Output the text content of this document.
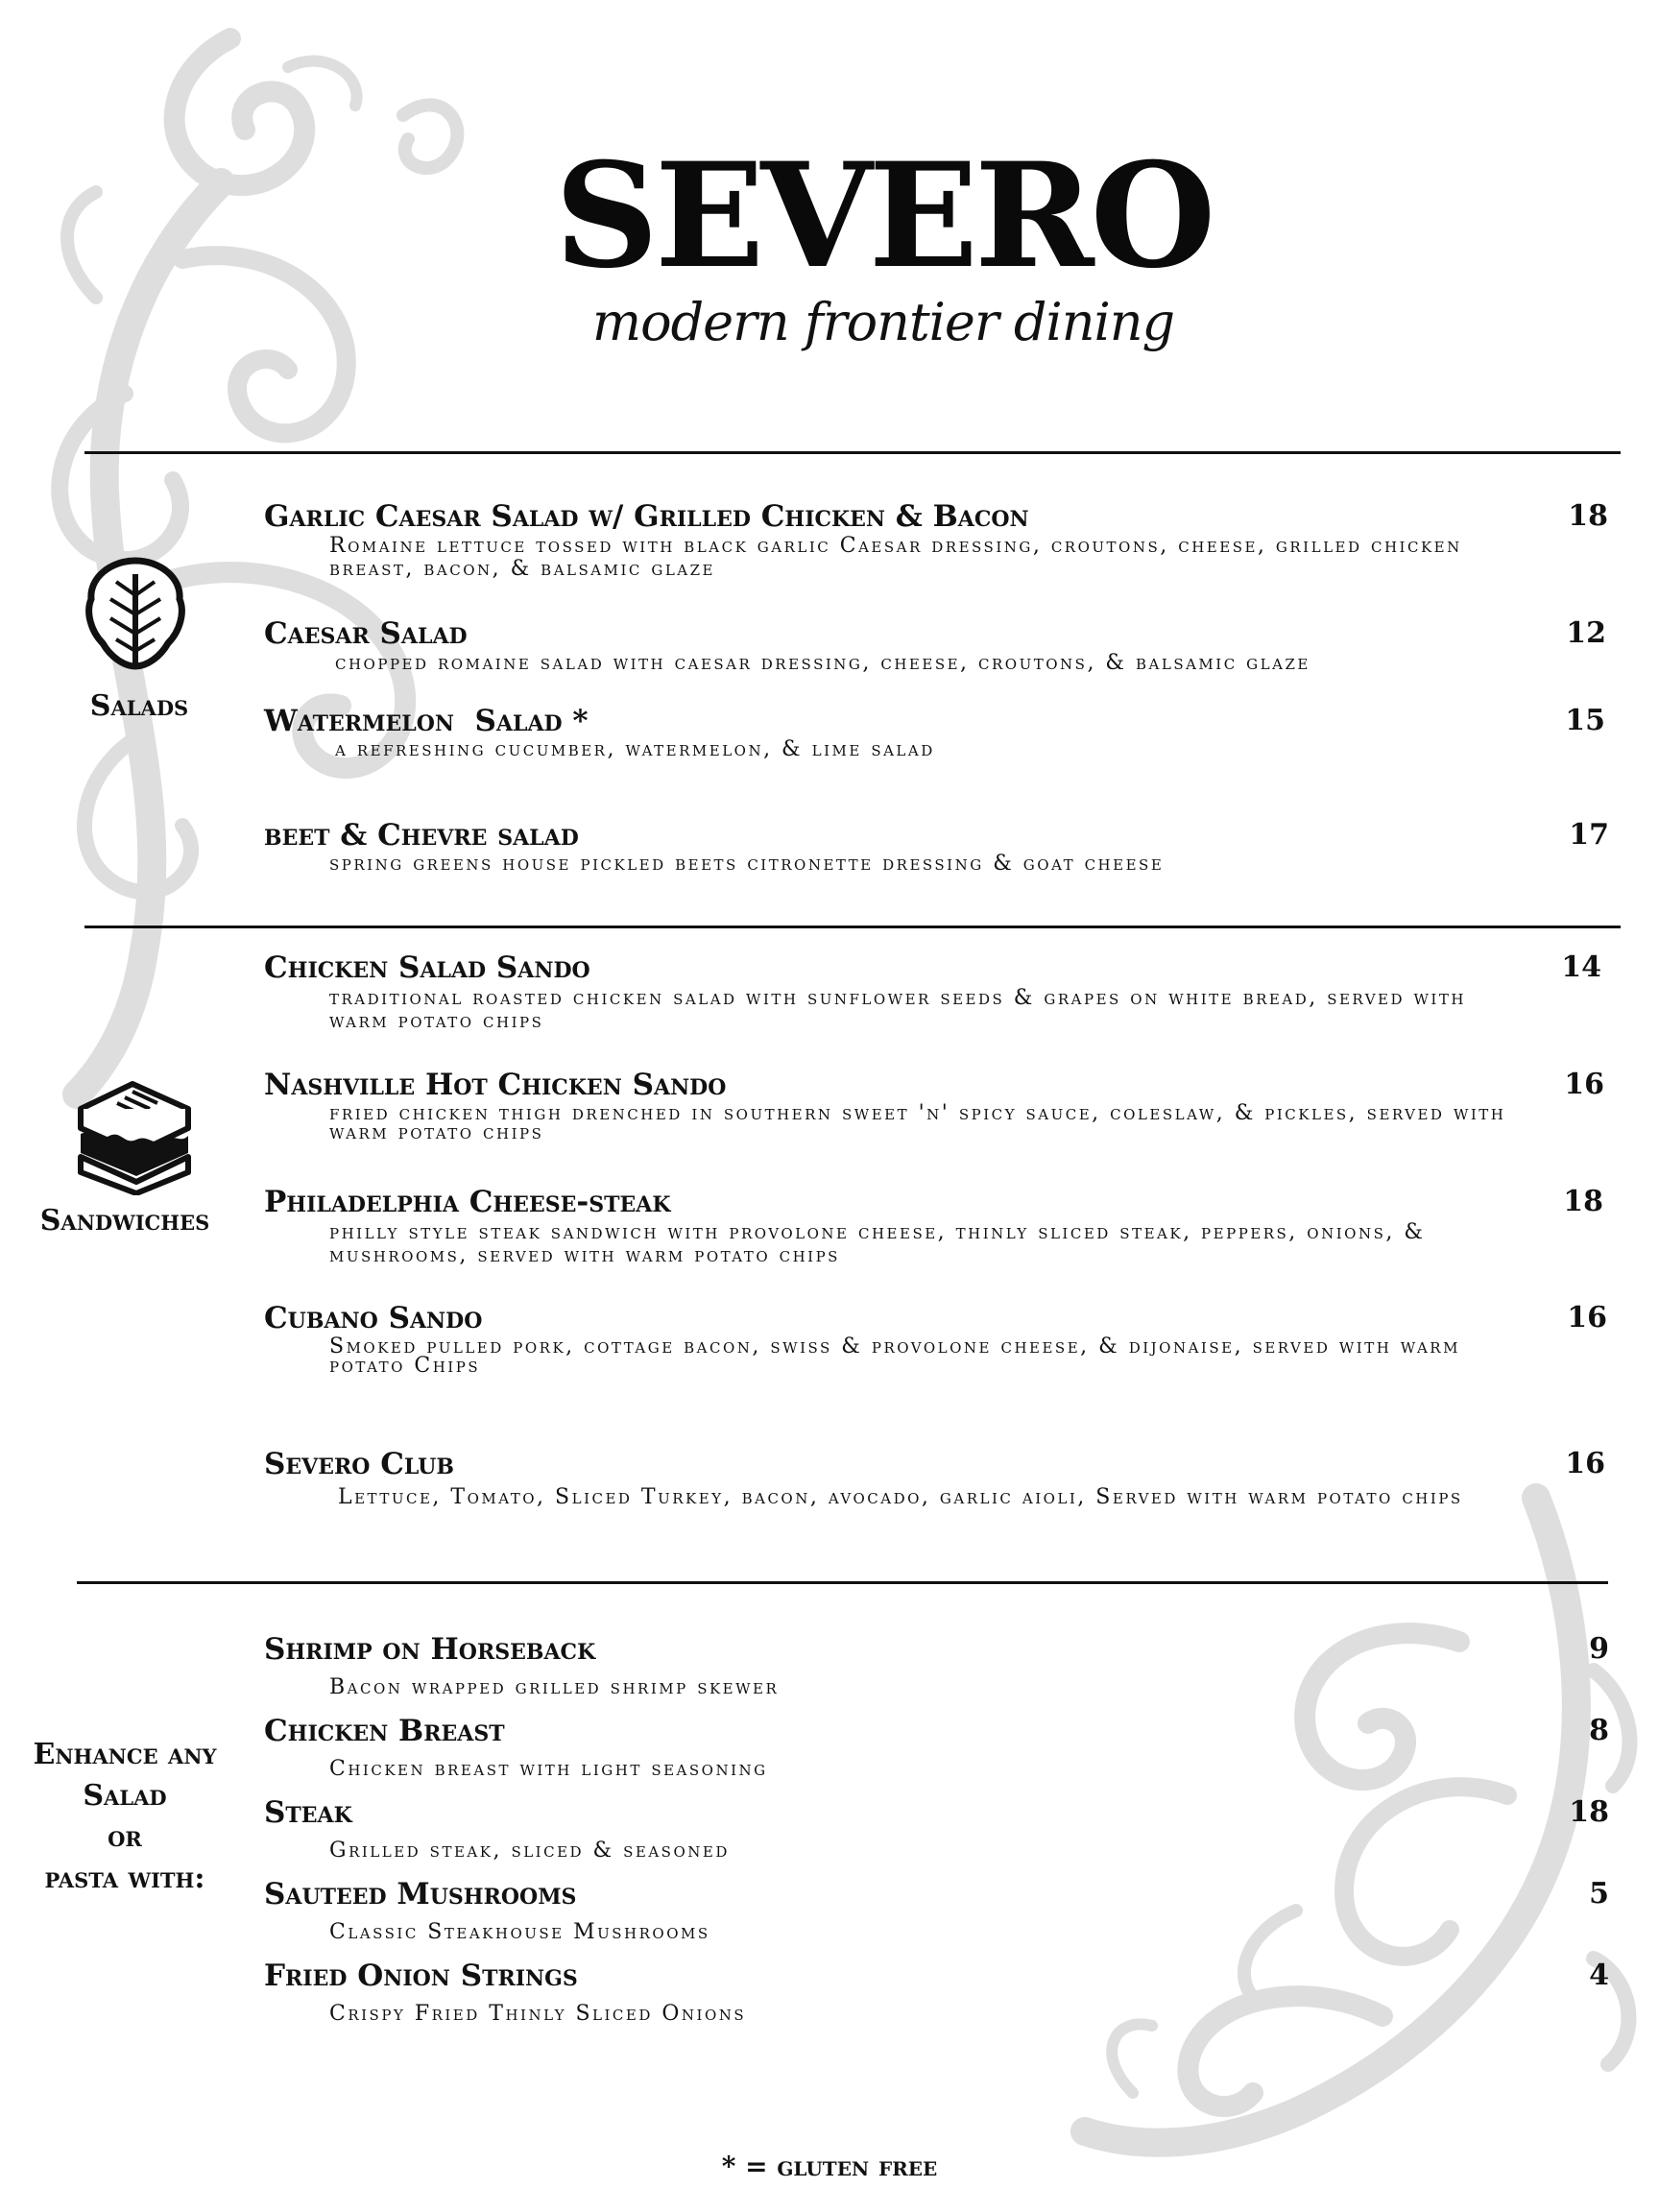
SEVERO
modern frontier dining
Salads
Garlic Caesar Salad w/ Grilled Chicken & Bacon	18
Romaine lettuce tossed with black garlic Caesar dressing, croutons, cheese, grilled chicken breast, bacon, & balsamic glaze
Caesar Salad	12
chopped romaine salad with caesar dressing, cheese, croutons, & balsamic glaze
Watermelon  Salad *	15
a refreshing cucumber, watermelon, & lime salad
beet & Chevre salad	17
spring greens house pickled beets citronette dressing & goat cheese
Sandwiches
Chicken Salad Sando	14
traditional roasted chicken salad with sunflower seeds & grapes on white bread, served with warm potato chips
Nashville Hot Chicken Sando	16
fried chicken thigh drenched in southern sweet 'n' spicy sauce, coleslaw, & pickles, served with warm potato chips
Philadelphia Cheese-steak	18
philly style steak sandwich with provolone cheese, thinly sliced steak, peppers, onions, & mushrooms, served with warm potato chips
Cubano Sando	16
Smoked pulled pork, cottage bacon, swiss & provolone cheese, & dijonaise, served with warm potato Chips
Severo Club	16
Lettuce, Tomato, Sliced Turkey, bacon, avocado, garlic aioli, Served with warm potato chips
Enhance any
Salad
or
pasta with:
Shrimp on Horseback	9
Bacon wrapped grilled shrimp skewer
Chicken Breast	8
Chicken breast with light seasoning
Steak	18
Grilled steak, sliced & seasoned
Sauteed Mushrooms	5
Classic Steakhouse Mushrooms
Fried Onion Strings	4
Crispy Fried Thinly Sliced Onions
* = gluten free
